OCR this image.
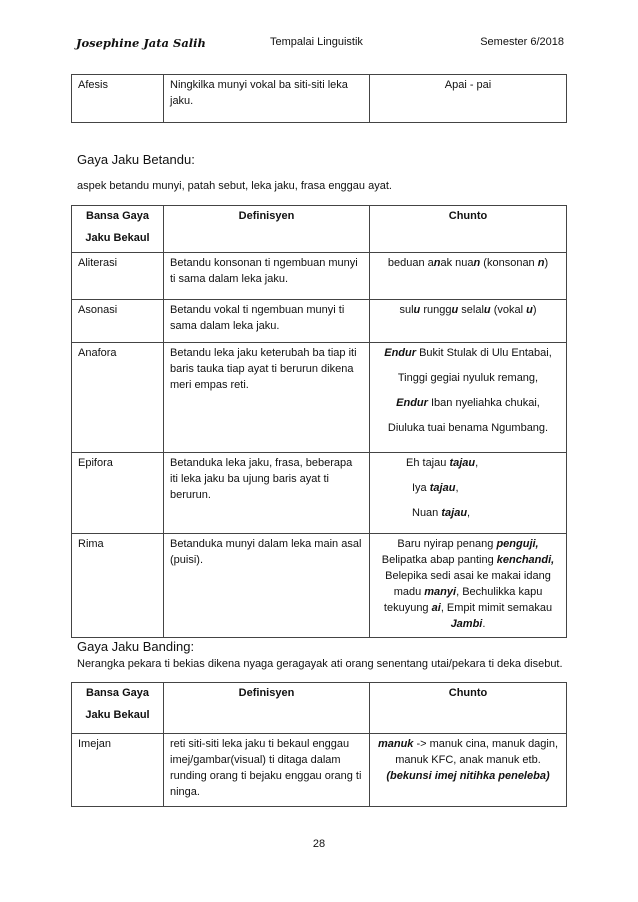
Josephine Jata Salih	Tempalai Linguistik	Semester 6/2018
Afesis	Ningkilka munyi vokal ba siti-siti leka jaku.	Apai - pai
Gaya Jaku Betandu:
aspek betandu munyi, patah sebut, leka jaku, frasa enggau ayat.
Bansa Gaya
Jaku Bekaul	Definisyen	Chunto
Aliterasi	Betandu konsonan ti ngembuan munyi ti sama dalam leka jaku.	beduan anak nuan (konsonan n)
Asonasi	Betandu vokal ti ngembuan munyi ti sama dalam leka jaku.	sulu runggu selalu (vokal u)
Anafora	Betandu leka jaku keterubah ba tiap iti baris tauka tiap ayat ti berurun dikena meri empas reti.	Endur Bukit Stulak di Ulu Entabai,
Tinggi gegiai nyuluk remang,
Endur Iban nyeliahka chukai,
Diuluka tuai benama Ngumbang.

Epifora	Betanduka leka jaku, frasa, beberapa iti leka jaku ba ujung baris ayat ti berurun.	Eh tajau tajau,
Iya tajau,
Nuan tajau,

Rima	Betanduka munyi dalam leka main asal (puisi).	Baru nyirap penang penguji, Belipatka abap panting kenchandi, Belepika sedi asai ke makai idang madu manyi, Bechulikka kapu tekuyung ai, Empit mimit semakau Jambi.
Gaya Jaku Banding:
Nerangka pekara ti bekias dikena nyaga geragayak ati orang senentang utai/pekara ti deka disebut.
Bansa Gaya
Jaku Bekaul	Definisyen	Chunto
Imejan	reti siti-siti leka jaku ti bekaul enggau imej/gambar(visual) ti ditaga dalam runding orang ti bejaku enggau orang ti ninga.	manuk -> manuk cina, manuk dagin, manuk KFC, anak manuk etb. (bekunsi imej nitihka peneleba)
28
